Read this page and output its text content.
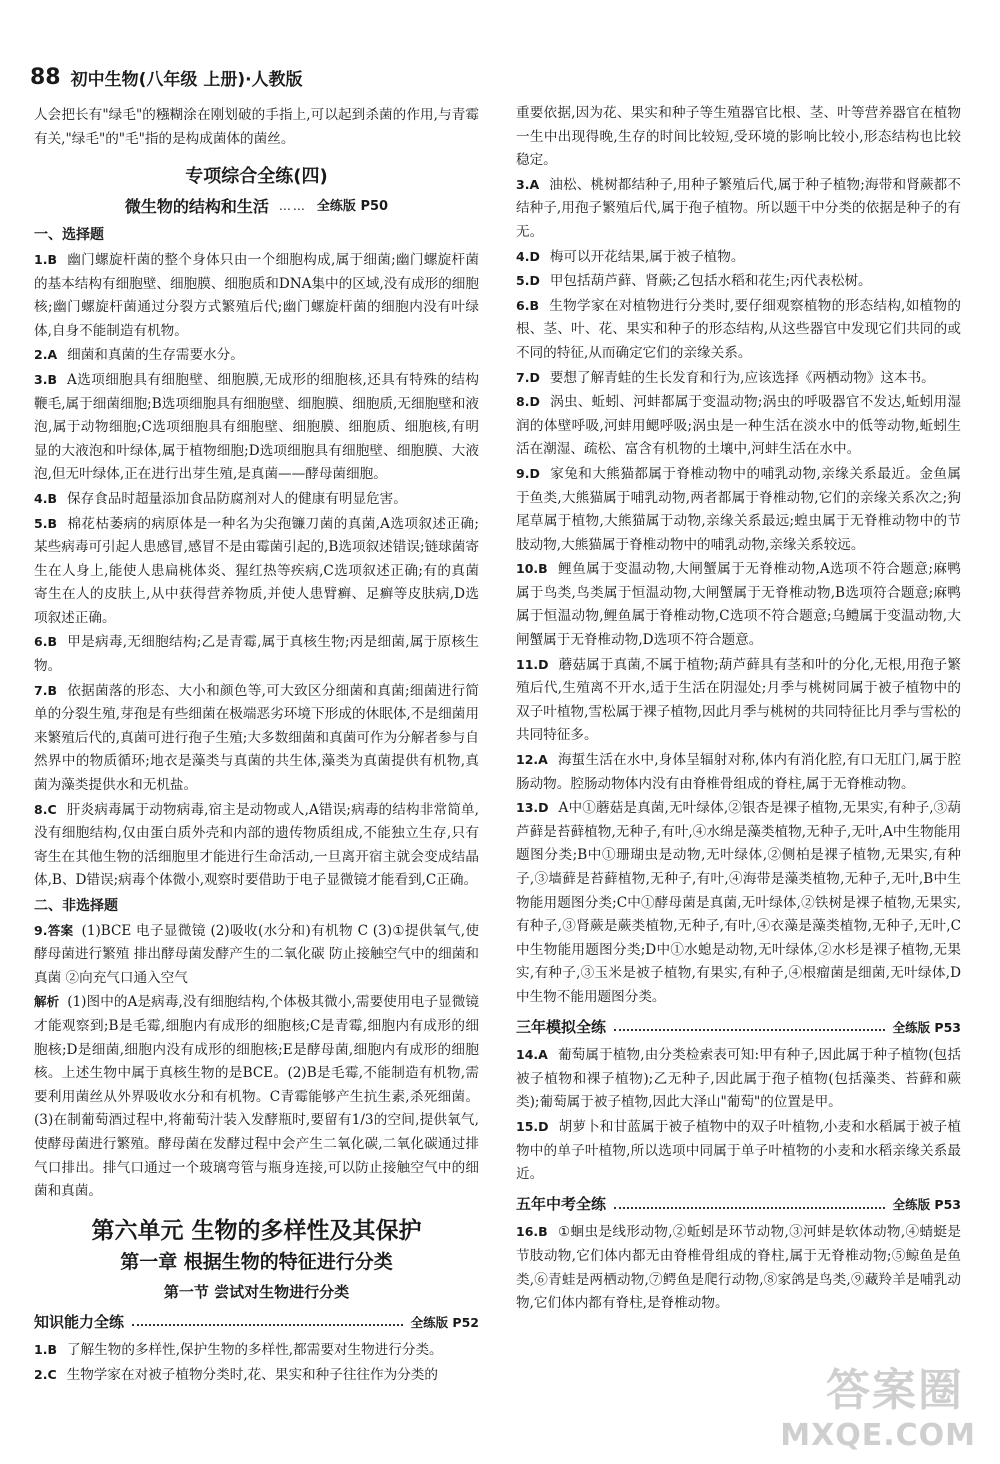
88 初中生物(八年级 上册)·人教版

人会把长有"绿毛"的糨糊涂在刚划破的手指上,可以起到杀菌的作用,与青霉有关,"绿毛"的"毛"指的是构成菌体的菌丝。

专项综合全练(四)
微生物的结构和生活 …… 全练版 P50
一、选择题

1.B 幽门螺旋杆菌的整个身体只由一个细胞构成,属于细菌;幽门螺旋杆菌的基本结构有细胞壁、细胞膜、细胞质和DNA集中的区域,没有成形的细胞核;幽门螺旋杆菌通过分裂方式繁殖后代;幽门螺旋杆菌的细胞内没有叶绿体,自身不能制造有机物。

2.A 细菌和真菌的生存需要水分。

3.B A选项细胞具有细胞壁、细胞膜,无成形的细胞核,还具有特殊的结构鞭毛,属于细菌细胞;B选项细胞具有细胞壁、细胞膜、细胞质,无细胞壁和液泡,属于动物细胞;C选项细胞具有细胞壁、细胞膜、细胞质、细胞核,有明显的大液泡和叶绿体,属于植物细胞;D选项细胞具有细胞壁、细胞膜、大液泡,但无叶绿体,正在进行出芽生殖,是真菌——酵母菌细胞。

4.B 保存食品时超量添加食品防腐剂对人的健康有明显危害。

5.B 棉花枯萎病的病原体是一种名为尖孢镰刀菌的真菌,A选项叙述正确;某些病毒可引起人患感冒,感冒不是由霉菌引起的,B选项叙述错误;链球菌寄生在人身上,能使人患扁桃体炎、猩红热等疾病,C选项叙述正确;有的真菌寄生在人的皮肤上,从中获得营养物质,并使人患臂癣、足癣等皮肤病,D选项叙述正确。

6.B 甲是病毒,无细胞结构;乙是青霉,属于真核生物;丙是细菌,属于原核生物。

7.B 依据菌落的形态、大小和颜色等,可大致区分细菌和真菌;细菌进行简单的分裂生殖,芽孢是有些细菌在极端恶劣环境下形成的休眠体,不是细菌用来繁殖后代的,真菌可进行孢子生殖;大多数细菌和真菌可作为分解者参与自然界中的物质循环;地衣是藻类与真菌的共生体,藻类为真菌提供有机物,真菌为藻类提供水和无机盐。

8.C 肝炎病毒属于动物病毒,宿主是动物或人,A错误;病毒的结构非常简单,没有细胞结构,仅由蛋白质外壳和内部的遗传物质组成,不能独立生存,只有寄生在其他生物的活细胞里才能进行生命活动,一旦离开宿主就会变成结晶体,B、D错误;病毒个体微小,观察时要借助于电子显微镜才能看到,C正确。

二、非选择题

9.答案 (1)BCE 电子显微镜 (2)吸收(水分和)有机物 C (3)①提供氧气,使酵母菌进行繁殖 排出酵母菌发酵产生的二氧化碳 防止接触空气中的细菌和真菌 ②向充气口通入空气

解析 (1)图中的A是病毒,没有细胞结构,个体极其微小,需要使用电子显微镜才能观察到;B是毛霉,细胞内有成形的细胞核;C是青霉,细胞内有成形的细胞核;D是细菌,细胞内没有成形的细胞核;E是酵母菌,细胞内有成形的细胞核。上述生物中属于真核生物的是BCE。(2)B是毛霉,不能制造有机物,需要利用菌丝从外界吸收水分和有机物。C青霉能够产生抗生素,杀死细菌。(3)在制葡萄酒过程中,将葡萄汁装入发酵瓶时,要留有1/3的空间,提供氧气,使酵母菌进行繁殖。酵母菌在发酵过程中会产生二氧化碳,二氧化碳通过排气口排出。排气口通过一个玻璃弯管与瓶身连接,可以防止接触空气中的细菌和真菌。

第六单元 生物的多样性及其保护
第一章 根据生物的特征进行分类
第一节 尝试对生物进行分类
知识能力全练	全练版 P52

1.B 了解生物的多样性,保护生物的多样性,都需要对生物进行分类。

2.C 生物学家在对被子植物分类时,花、果实和种子往往作为分类的

重要依据,因为花、果实和种子等生殖器官比根、茎、叶等营养器官在植物一生中出现得晚,生存的时间比较短,受环境的影响比较小,形态结构也比较稳定。

3.A 油松、桃树都结种子,用种子繁殖后代,属于种子植物;海带和肾蕨都不结种子,用孢子繁殖后代,属于孢子植物。所以题干中分类的依据是种子的有无。

4.D 梅可以开花结果,属于被子植物。

5.D 甲包括葫芦藓、肾蕨;乙包括水稻和花生;丙代表松树。

6.B 生物学家在对植物进行分类时,要仔细观察植物的形态结构,如植物的根、茎、叶、花、果实和种子的形态结构,从这些器官中发现它们共同的或不同的特征,从而确定它们的亲缘关系。

7.D 要想了解青蛙的生长发育和行为,应该选择《两栖动物》这本书。

8.D 涡虫、蚯蚓、河蚌都属于变温动物;涡虫的呼吸器官不发达,蚯蚓用湿润的体壁呼吸,河蚌用鳃呼吸;涡虫是一种生活在淡水中的低等动物,蚯蚓生活在潮湿、疏松、富含有机物的土壤中,河蚌生活在水中。

9.D 家兔和大熊猫都属于脊椎动物中的哺乳动物,亲缘关系最近。金鱼属于鱼类,大熊猫属于哺乳动物,两者都属于脊椎动物,它们的亲缘关系次之;狗尾草属于植物,大熊猫属于动物,亲缘关系最远;蝗虫属于无脊椎动物中的节肢动物,大熊猫属于脊椎动物中的哺乳动物,亲缘关系较远。

10.B 鲤鱼属于变温动物,大闸蟹属于无脊椎动物,A选项不符合题意;麻鸭属于鸟类,鸟类属于恒温动物,大闸蟹属于无脊椎动物,B选项符合题意;麻鸭属于恒温动物,鲤鱼属于脊椎动物,C选项不符合题意;乌鳢属于变温动物,大闸蟹属于无脊椎动物,D选项不符合题意。

11.D 蘑菇属于真菌,不属于植物;葫芦藓具有茎和叶的分化,无根,用孢子繁殖后代,生殖离不开水,适于生活在阴湿处;月季与桃树同属于被子植物中的双子叶植物,雪松属于裸子植物,因此月季与桃树的共同特征比月季与雪松的共同特征多。

12.A 海蜇生活在水中,身体呈辐射对称,体内有消化腔,有口无肛门,属于腔肠动物。腔肠动物体内没有由脊椎骨组成的脊柱,属于无脊椎动物。

13.D A中①蘑菇是真菌,无叶绿体,②银杏是裸子植物,无果实,有种子,③葫芦藓是苔藓植物,无种子,有叶,④水绵是藻类植物,无种子,无叶,A中生物能用题图分类;B中①珊瑚虫是动物,无叶绿体,②侧柏是裸子植物,无果实,有种子,③墙藓是苔藓植物,无种子,有叶,④海带是藻类植物,无种子,无叶,B中生物能用题图分类;C中①酵母菌是真菌,无叶绿体,②铁树是裸子植物,无果实,有种子,③肾蕨是蕨类植物,无种子,有叶,④衣藻是藻类植物,无种子,无叶,C中生物能用题图分类;D中①水螅是动物,无叶绿体,②水杉是裸子植物,无果实,有种子,③玉米是被子植物,有果实,有种子,④根瘤菌是细菌,无叶绿体,D中生物不能用题图分类。

三年模拟全练	全练版 P53

14.A 葡萄属于植物,由分类检索表可知:甲有种子,因此属于种子植物(包括被子植物和裸子植物);乙无种子,因此属于孢子植物(包括藻类、苔藓和蕨类);葡萄属于被子植物,因此大泽山"葡萄"的位置是甲。

15.D 胡萝卜和甘蓝属于被子植物中的双子叶植物,小麦和水稻属于被子植物中的单子叶植物,所以选项中同属于单子叶植物的小麦和水稻亲缘关系最近。

五年中考全练	全练版 P53

16.B ①蛔虫是线形动物,②蚯蚓是环节动物,③河蚌是软体动物,④蜻蜓是节肢动物,它们体内都无由脊椎骨组成的脊柱,属于无脊椎动物;⑤鲸鱼是鱼类,⑥青蛙是两栖动物,⑦鳄鱼是爬行动物,⑧家鸽是鸟类,⑨藏羚羊是哺乳动物,它们体内都有脊柱,是脊椎动物。

答案圈
MXQE.COM
